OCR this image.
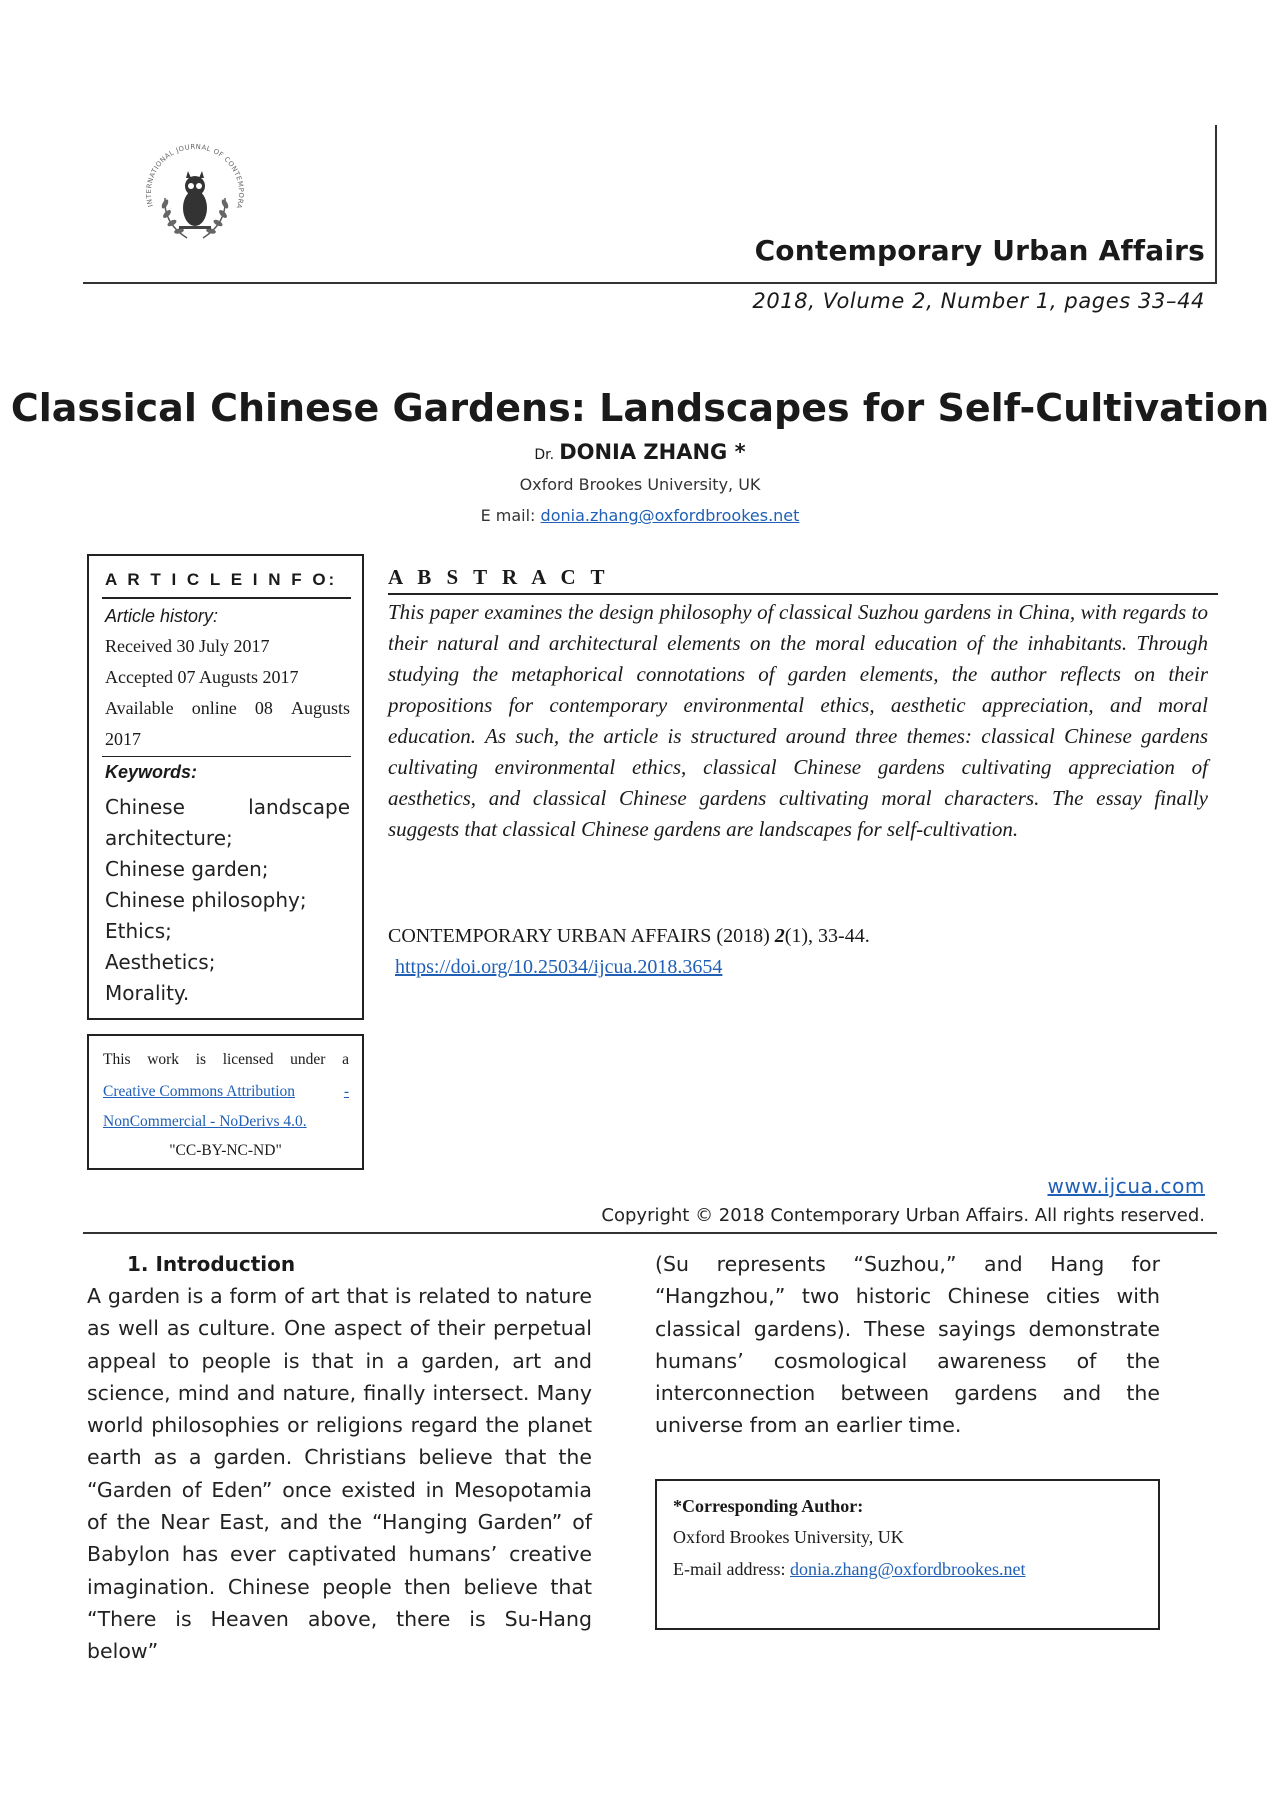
INTERNATIONAL JOURNAL OF CONTEMPORA
Contemporary Urban Affairs
2018, Volume 2, Number 1, pages 33–44
Classical Chinese Gardens: Landscapes for Self-Cultivation
Dr. DONIA ZHANG *
Oxford Brookes University, UK
E mail: donia.zhang@oxfordbrookes.net
A R T I C L E I N F O:
Article history:
Received 30 July 2017
Accepted 07 Augusts 2017
Available online 08 Augusts
2017
Keywords:
Chinese	landscape
architecture;
Chinese garden;
Chinese philosophy;
Ethics;
Aesthetics;
Morality.
This work is licensed under a
Creative Commons Attribution	-
NonCommercial - NoDerivs 4.0.
"CC-BY-NC-ND"
A B S T R A C T
This paper examines the design philosophy of classical Suzhou gardens in China, with regards to their natural and architectural elements on the moral education of the inhabitants. Through studying the metaphorical connotations of garden elements, the author reflects on their propositions for contemporary environmental ethics, aesthetic appreciation, and moral education. As such, the article is structured around three themes: classical Chinese gardens cultivating environmental ethics, classical Chinese gardens cultivating appreciation of aesthetics, and classical Chinese gardens cultivating moral characters. The essay finally suggests that classical Chinese gardens are landscapes for self-cultivation.
CONTEMPORARY URBAN AFFAIRS (2018) 2(1), 33-44.
https://doi.org/10.25034/ijcua.2018.3654
www.ijcua.com
Copyright © 2018 Contemporary Urban Affairs. All rights reserved.
1. Introduction
A garden is a form of art that is related to nature as well as culture. One aspect of their perpetual appeal to people is that in a garden, art and science, mind and nature, finally intersect. Many world philosophies or religions regard the planet earth as a garden. Christians believe that the “Garden of Eden” once existed in Mesopotamia of the Near East, and the “Hanging Garden” of Babylon has ever captivated humans’ creative imagination. Chinese people then believe that “There is Heaven above, there is Su-Hang below”
(Su represents “Suzhou,” and Hang for “Hangzhou,” two historic Chinese cities with classical gardens). These sayings demonstrate humans’ cosmological awareness of the interconnection between gardens and the universe from an earlier time.
*Corresponding Author:
Oxford Brookes University, UK
E-mail address: donia.zhang@oxfordbrookes.net
